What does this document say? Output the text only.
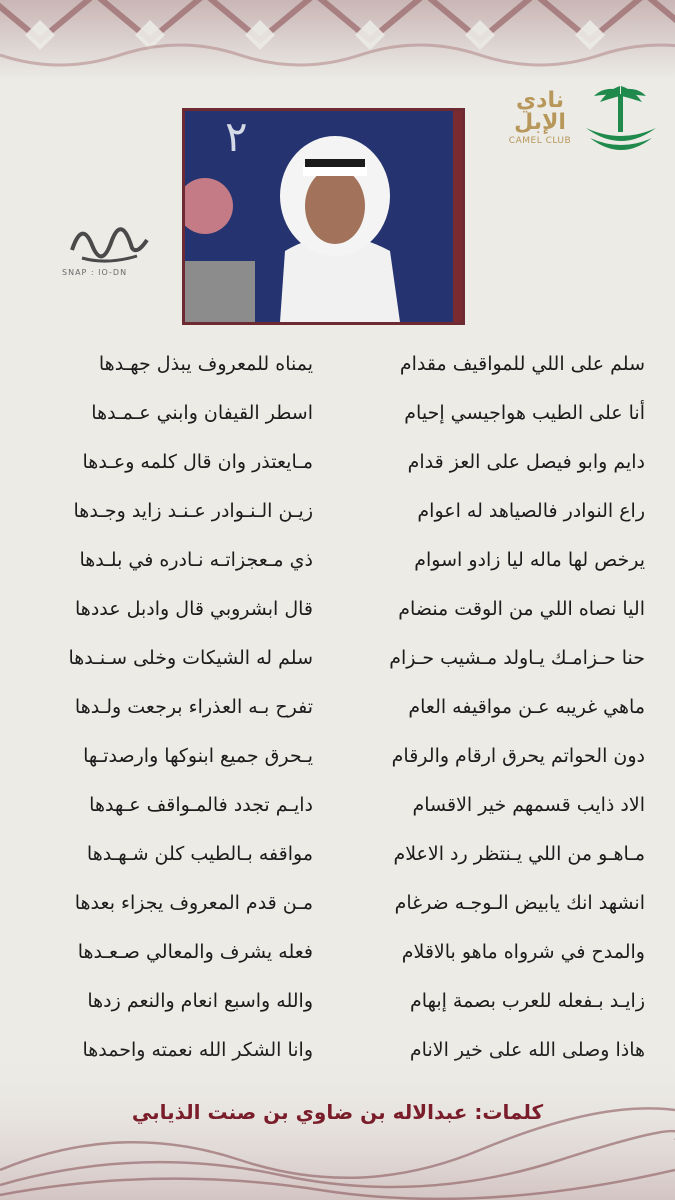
٢
SNAP : IO-DN
نادي الإبل
CAMEL CLUB
سلم على اللي للمواقيف مقدام
يمناه للمعروف يبذل جهـدها
أنا على الطيب هواجيسي إحيام
اسطر القيفان وابني عـمـدها
دايم وابو فيصل على العز قدام
مـايعتذر وان قال كلمه وعـدها
راع النوادر فالصياهد له اعوام
زيـن الـنـوادر عـنـد زايد وجـدها
يرخص لها ماله ليا زادو اسوام
ذي مـعجزاتـه نـادره في بلـدها
اليا نصاه اللي من الوقت منضام
قال ابشروبي قال وادبل عددها
حنا حـزامـك يـاولد مـشيب حـزام
سلم له الشيكات وخلى سـنـدها
ماهي غريبه عـن مواقيفه العام
تفرح بـه العذراء برجعت ولـدها
دون الحواتم يحرق ارقام والرقام
يـحرق جميع ابنوكها وارصدتـها
الاد ذايب قسمهم خير الاقسام
دايـم تجدد فالمـواقف عـهدها
مـاهـو من اللي يـنتظر رد الاعلام
مواقفه بـالطيب كلن شـهـدها
انشهد انك يابيض الـوجـه ضرغام
مـن قدم المعروف يجزاء بعدها
والمدح في شرواه ماهو بالاقلام
فعله يشرف والمعالي صـعـدها
زايـد بـفعله للعرب بصمة إبهام
والله واسبع انعام والنعم زدها
كلمات: عبدالاله بن ضاوي بن صنت الذيابي
